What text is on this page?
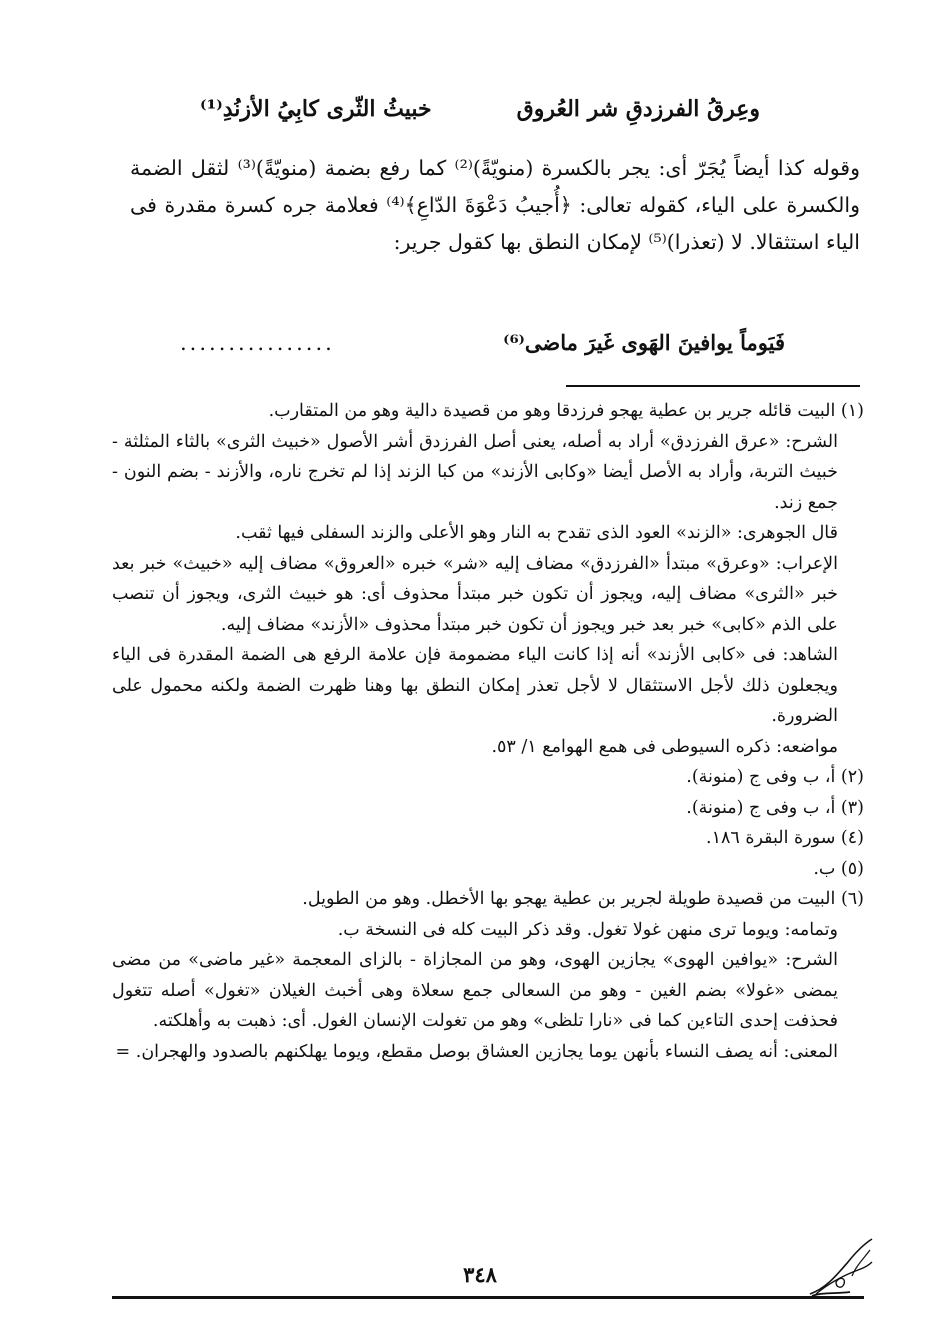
وعِرقُ الفرزدقِ شر العُروق
خبيثُ الثّرى كابِيُ الأزنُدِ⁽¹⁾

وقوله كذا أيضاً يُجَرّ أى: يجر بالكسرة (منويّةً)⁽²⁾ كما رفع بضمة (منويّةً)⁽³⁾ لثقل الضمة والكسرة على الياء، كقوله تعالى: ﴿أُجيبُ دَعْوَةَ الدّاعِ﴾⁽⁴⁾ فعلامة جره كسرة مقدرة فى الياء استثقالا. لا (تعذرا)⁽⁵⁾ لإمكان النطق بها كقول جرير:

فَيَوماً يوافينَ الهَوى غَيرَ ماضى⁽⁶⁾
................

(١) البيت قائله جرير بن عطية يهجو فرزدقا وهو من قصيدة دالية وهو من المتقارب.

الشرح: «عرق الفرزدق» أراد به أصله، يعنى أصل الفرزدق أشر الأصول «خبيث الثرى» بالثاء المثلثة - خبيث التربة، وأراد به الأصل أيضا «وكابى الأزند» من كبا الزند إذا لم تخرج ناره، والأزند - بضم النون - جمع زند.

قال الجوهرى: «الزند» العود الذى تقدح به النار وهو الأعلى والزند السفلى فيها ثقب.

الإعراب: «وعرق» مبتدأ «الفرزدق» مضاف إليه «شر» خبره «العروق» مضاف إليه «خبيث» خبر بعد خبر «الثرى» مضاف إليه، ويجوز أن تكون خبر مبتدأ محذوف أى: هو خبيث الثرى، ويجوز أن تنصب على الذم «كابى» خبر بعد خبر ويجوز أن تكون خبر مبتدأ محذوف «الأزند» مضاف إليه.

الشاهد: فى «كابى الأزند» أنه إذا كانت الياء مضمومة فإن علامة الرفع هى الضمة المقدرة فى الياء ويجعلون ذلك لأجل الاستثقال لا لأجل تعذر إمكان النطق بها وهنا ظهرت الضمة ولكنه محمول على الضرورة.

مواضعه: ذكره السيوطى فى همع الهوامع ١/ ٥٣.

(٢) أ، ب وفى ج (منونة).

(٣) أ، ب وفى ج (منونة).

(٤) سورة البقرة ١٨٦.

(٥) ب.

(٦) البيت من قصيدة طويلة لجرير بن عطية يهجو بها الأخطل. وهو من الطويل.

وتمامه: ويوما ترى منهن غولا تغول. وقد ذكر البيت كله فى النسخة ب.

الشرح: «يوافين الهوى» يجازين الهوى، وهو من المجازاة - بالزاى المعجمة «غير ماضى» من مضى يمضى «غولا» بضم الغين - وهو من السعالى جمع سعلاة وهى أخبث الغيلان «تغول» أصله تتغول فحذفت إحدى التاءين كما فى «نارا تلظى» وهو من تغولت الإنسان الغول. أى: ذهبت به وأهلكته.

المعنى: أنه يصف النساء بأنهن يوما يجازين العشاق بوصل مقطع، ويوما يهلكنهم بالصدود والهجران. =

٣٤٨
